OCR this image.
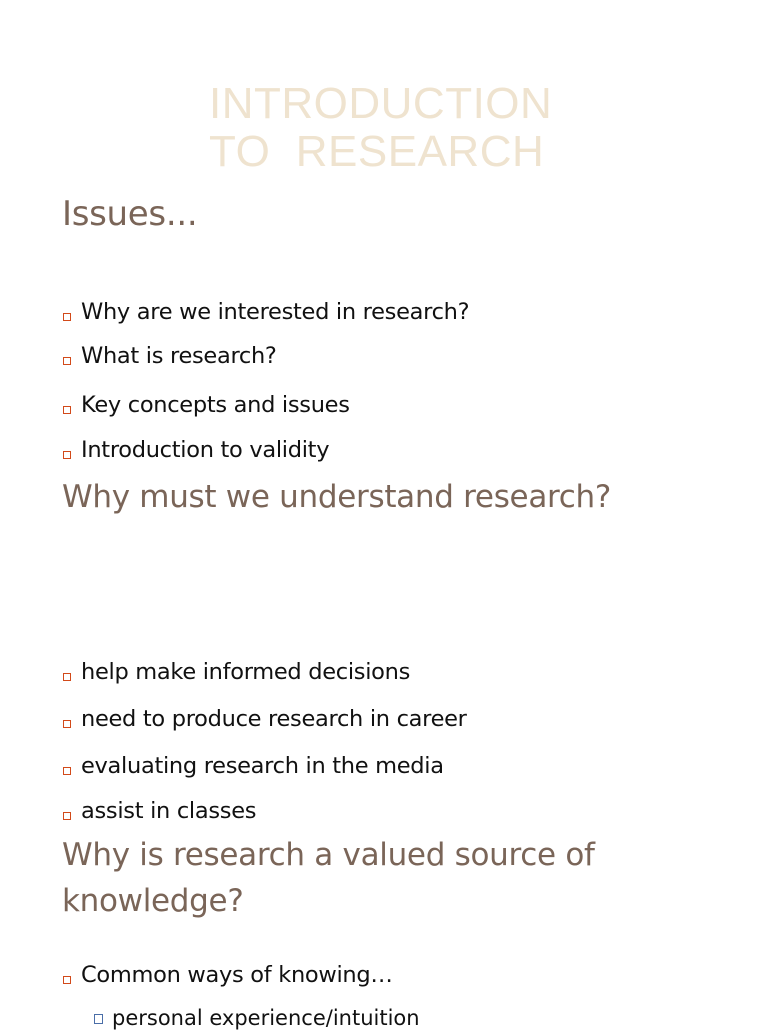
INTRODUCTION
TO  RESEARCH
Issues...
Why are we interested in research?
What is research?
Key concepts and issues
Introduction to validity
Why must we understand research?
help make informed decisions
need to produce research in career
evaluating research in the media
assist in classes
Why is research a valued source of knowledge?
Common ways of knowing…

personal experience/intuition
